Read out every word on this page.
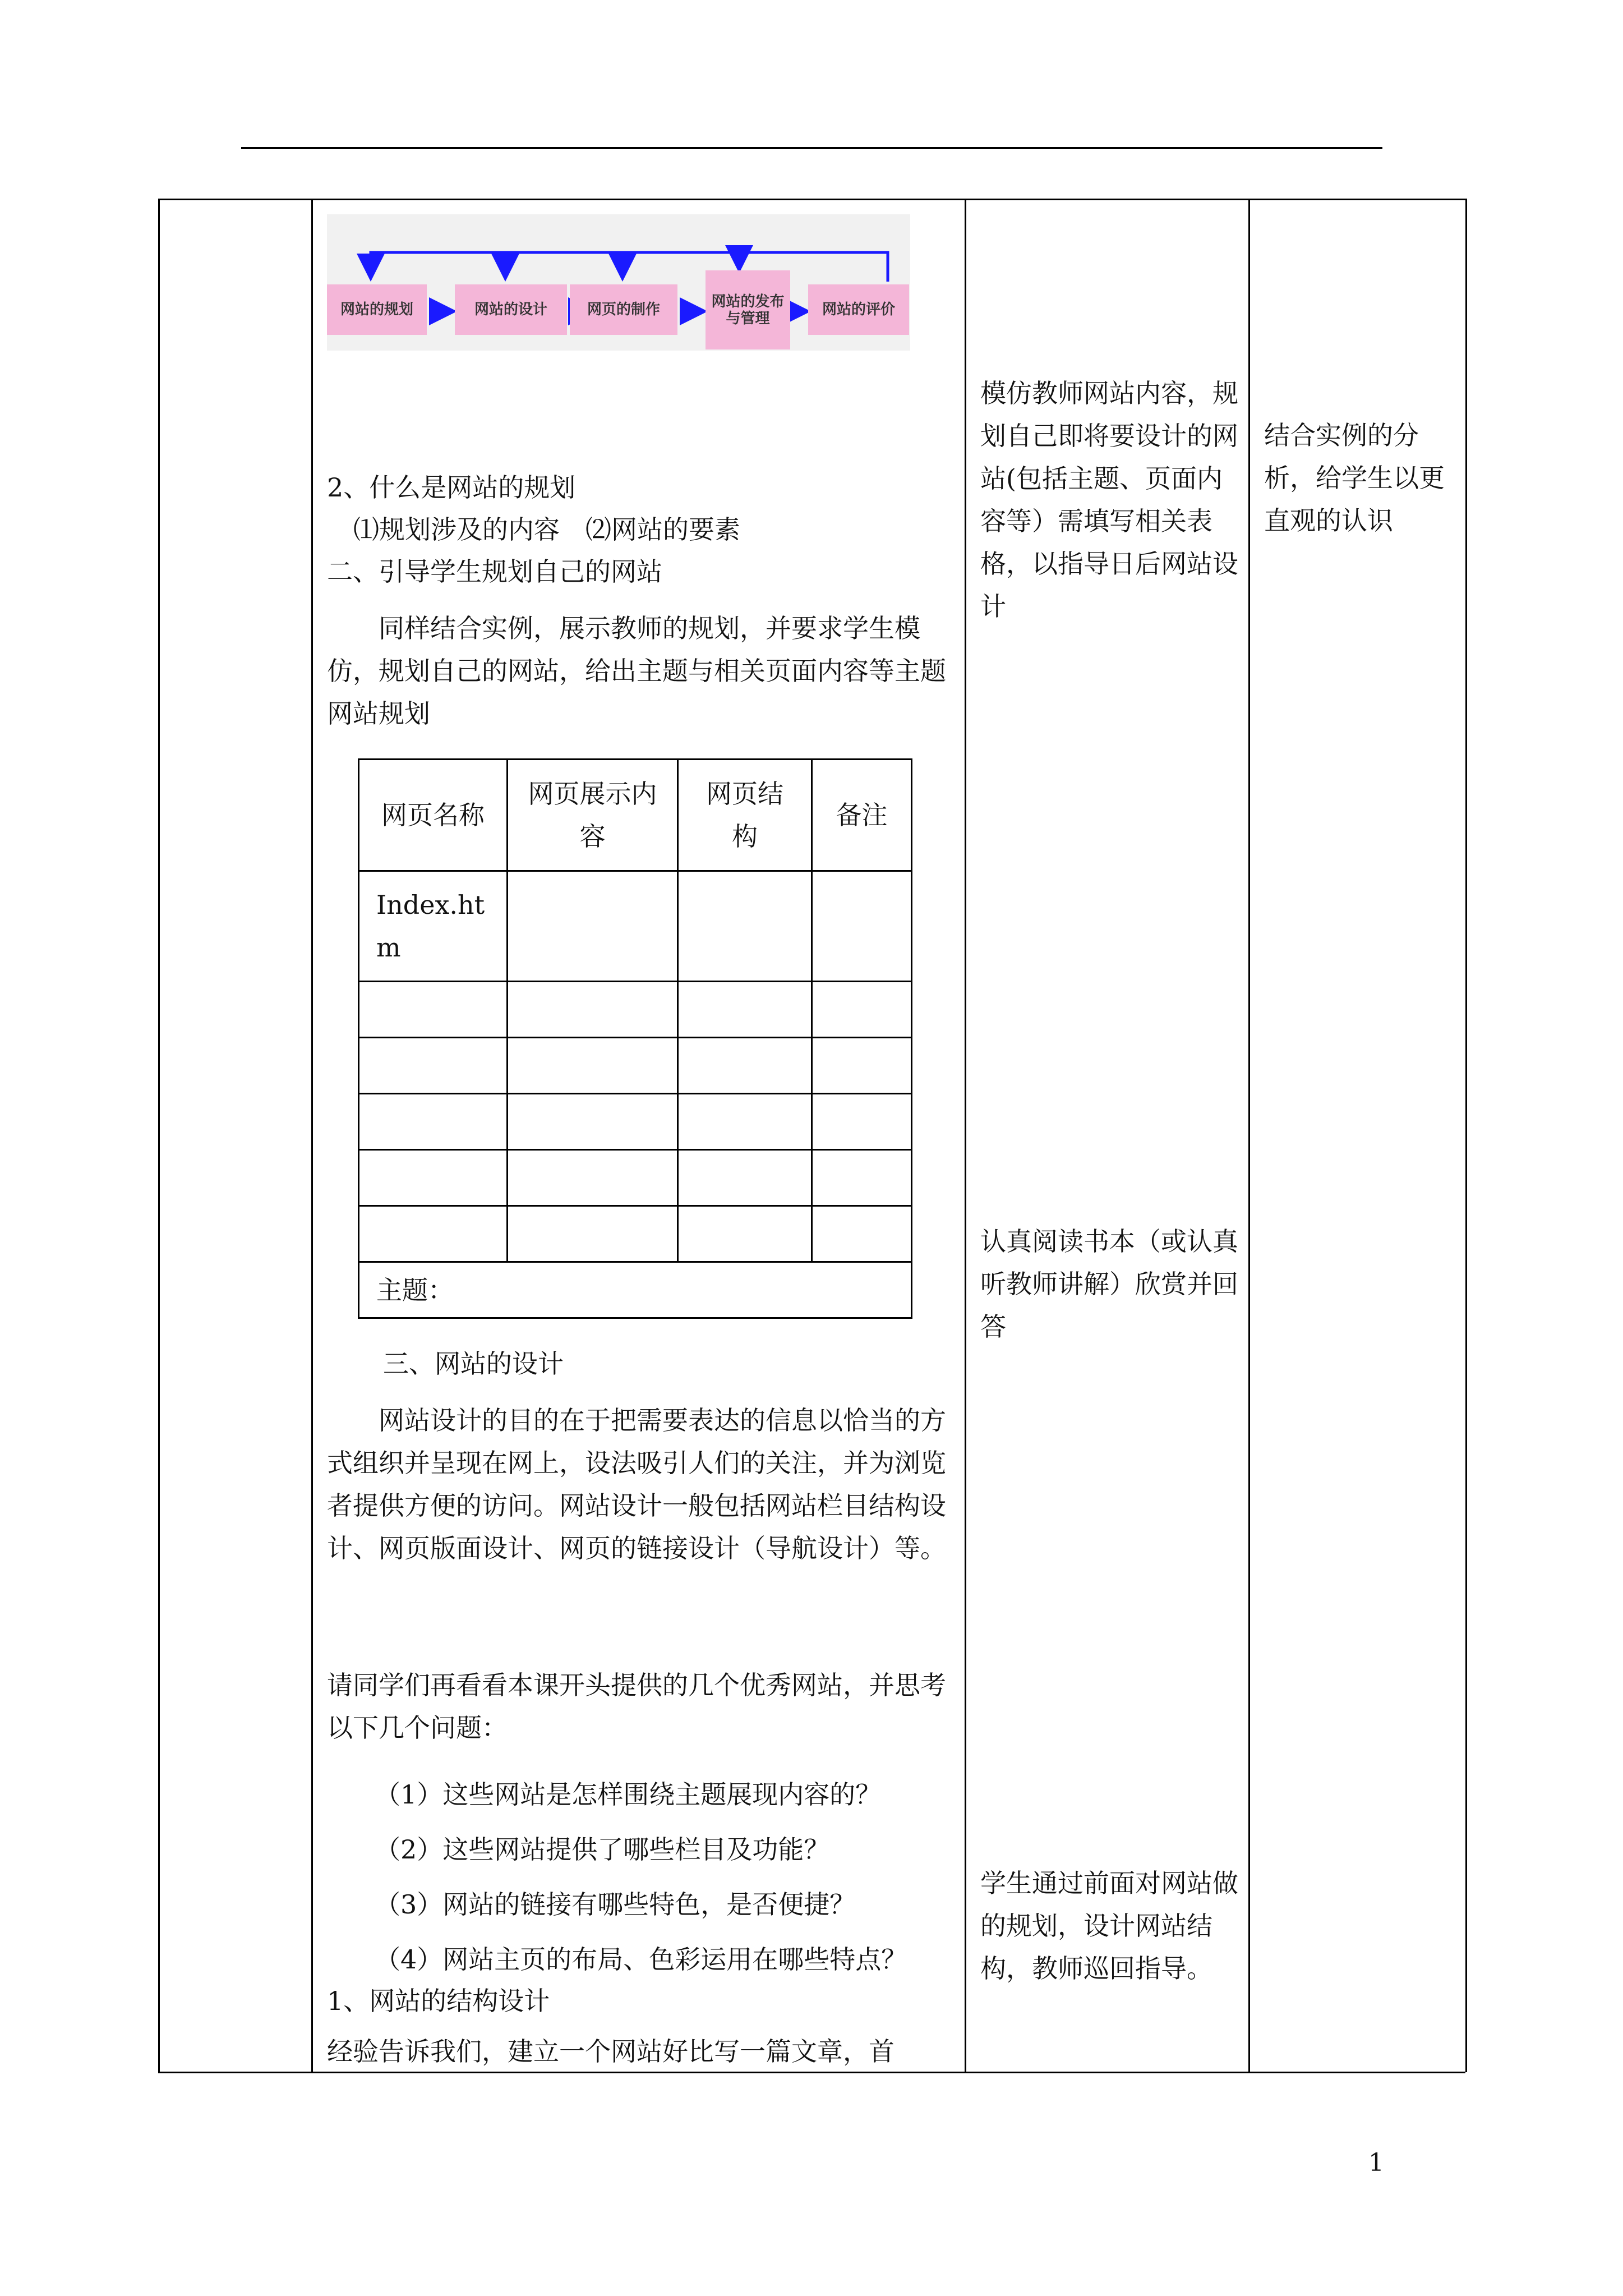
网站的规划	网站的设计	网页的制作	网站的发布与管理
网站的评价
2、什么是网站的规划
⑴规划涉及的内容　⑵网站的要素
二、引导学生规划自己的网站
同样结合实例，展示教师的规划，并要求学生模仿，规划自己的网站，给出主题与相关页面内容等主题网站规划
网页名称	网页展示内容	网页结构	备注
Index.htm			

主题：			
三、网站的设计
网站设计的目的在于把需要表达的信息以恰当的方式组织并呈现在网上，设法吸引人们的关注，并为浏览者提供方便的访问。网站设计一般包括网站栏目结构设计、网页版面设计、网页的链接设计（导航设计）等。
请同学们再看看本课开头提供的几个优秀网站，并思考以下几个问题：
（1）这些网站是怎样围绕主题展现内容的？
（2）这些网站提供了哪些栏目及功能？
（3）网站的链接有哪些特色，是否便捷？
（4）网站主页的布局、色彩运用在哪些特点？
1、网站的结构设计
经验告诉我们，建立一个网站好比写一篇文章，首
模仿教师网站内容，规划自己即将要设计的网站(包括主题、页面内容等）需填写相关表格，以指导日后网站设计
认真阅读书本（或认真听教师讲解）欣赏并回答
学生通过前面对网站做的规划，设计网站结构，教师巡回指导。
结合实例的分析，给学生以更直观的认识
1
